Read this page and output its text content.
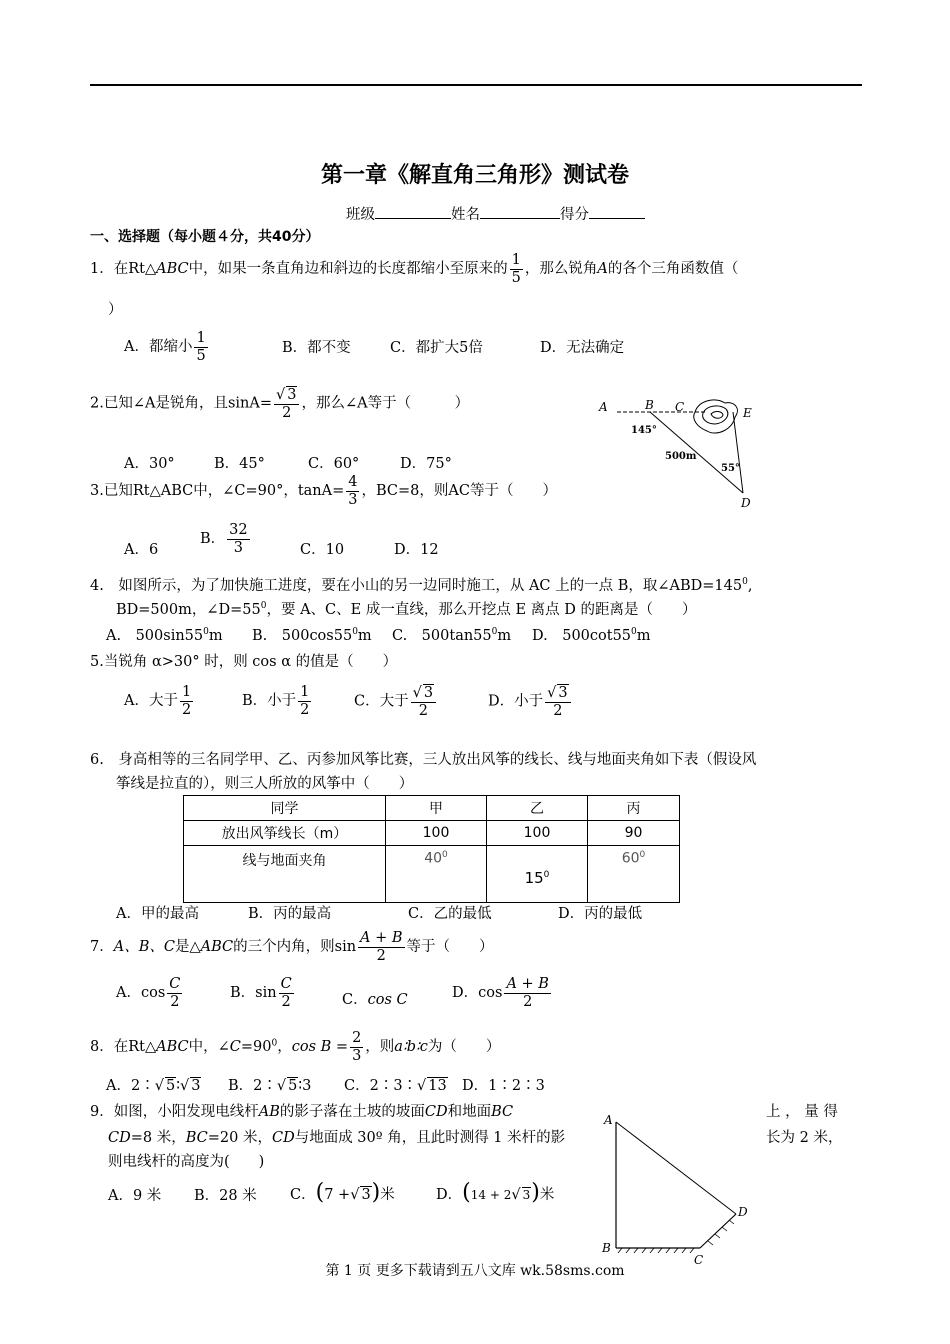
第一章《解直角三角形》测试卷
班级	姓名	得分
一、选择题（每小题４分，共40分）
1．在Rt△ABC中，如果一条直角边和斜边的长度都缩小至原来的 $\frac{1}{5}$ ，那么锐角A的各个三角函数值（
）
A．都缩小 $\frac{1}{5}$	B．都不变	C．都扩大5倍	D．无法确定
2.已知∠A是锐角，且$\sin A= \frac{√ 3}{2}$ ，那么∠A等于（　　　）
A．30°	B．45°	C．60°	D．75°
A	B C	E
D
145°
500m
55°
3.已知Rt△ABC中，∠C=90°，$\tan A= \frac{4}{3}$ ，BC=8，则AC等于（　　）
A．6
B． $\frac{32}{3}$	C．10	D．12
4.　如图所示，为了加快施工进度，要在小山的另一边同时施工，从 AC 上的一点 B，取$\angle ABD=145^0$,
BD=500m，$\angle D=55^0$，要 A、C、E 成一直线，那么开挖点 E 离点 D 的距离是（　　）
A.　$500\sin 55^0m$ B.　$500\cos 55^0m$ C.　$500\tan 55^0m$ D.　$500\cot 55^0m$
5.当锐角 α>30° 时，则 cos α 的值是（　　）
A．大于 $\frac{1}{2}$	B．小于 $\frac{1}{2}$	C．大于 $\frac{√ 3}{2}$	D．小于 $\frac{√ 3}{2}$
6.　身高相等的三名同学甲、乙、丙参加风筝比赛，三人放出风筝的线长、线与地面夹角如下表（假设风
筝线是拉直的），则三人所放的风筝中（　　）
同学	甲	乙	丙
放出风筝线长（m）	100	100	90
线与地面夹角	$40^0$	$15^0$	$60^0$
A．甲的最高	B．丙的最高	C．乙的最低	D．丙的最低
7．A、B、C是△ABC的三个内角，则$\sin \frac{A + B}{2}$ 等于（　　）
A．$\cos \frac{C}{2}$	B．$\sin \frac{C}{2}$	C．cos C	D．$\cos \frac{A + B}{2}$
8．在Rt△ABC中，$\angle C=90^0$，$\cos B = \frac{2}{3}$ ，则a∶b∶c为（　　）
A．2∶√ 5∶√ 3 B．2∶√ 5∶3 C．2∶3∶√ 13 D．1∶2∶3
9．如图，小阳发现电线杆AB的影子落在土坡的坡面CD和地面BC	上 ， 量 得
CD=8 米，BC=20 米，CD与地面成 30º 角，且此时测得 1 米杆的影	长为 2 米，
则电线杆的高度为(　　)
A．9 米 B．28 米 C．(7 +√ 3)米	D．(14 + 2√ 3)米
A
B
C
D
第 1 页 更多下载请到五八文库 wk.58sms.com
